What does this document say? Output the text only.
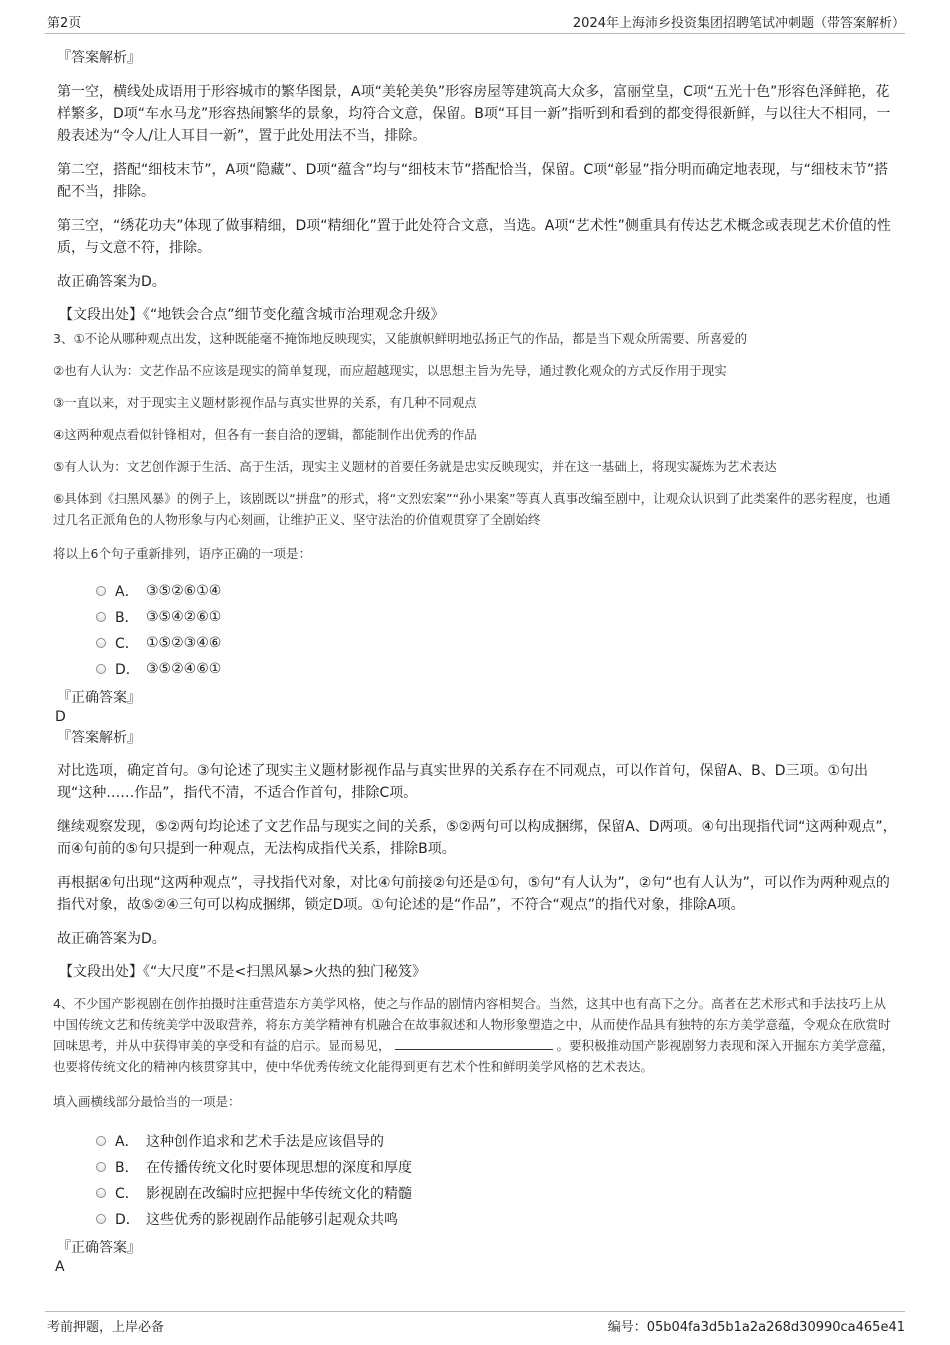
第2页	2024年上海沛乡投资集团招聘笔试冲刺题（带答案解析）
『答案解析』
第一空，横线处成语用于形容城市的繁华图景，A项“美轮美奂”形容房屋等建筑高大众多，富丽堂皇，C项“五光十色”形容色泽鲜艳，花样繁多，D项“车水马龙”形容热闹繁华的景象，均符合文意，保留。B项“耳目一新”指听到和看到的都变得很新鲜，与以往大不相同，一般表述为“令人/让人耳目一新”，置于此处用法不当，排除。
第二空，搭配“细枝末节”，A项“隐藏”、D项“蕴含”均与“细枝末节”搭配恰当，保留。C项“彰显”指分明而确定地表现，与“细枝末节”搭配不当，排除。
第三空，“绣花功夫”体现了做事精细，D项“精细化”置于此处符合文意，当选。A项“艺术性”侧重具有传达艺术概念或表现艺术价值的性质，与文意不符，排除。
故正确答案为D。
【文段出处】《“地铁会合点”细节变化蕴含城市治理观念升级》
3、①不论从哪种观点出发，这种既能毫不掩饰地反映现实，又能旗帜鲜明地弘扬正气的作品，都是当下观众所需要、所喜爱的
②也有人认为：文艺作品不应该是现实的简单复现，而应超越现实，以思想主旨为先导，通过教化观众的方式反作用于现实
③一直以来，对于现实主义题材影视作品与真实世界的关系，有几种不同观点
④这两种观点看似针锋相对，但各有一套自洽的逻辑，都能制作出优秀的作品
⑤有人认为：文艺创作源于生活、高于生活，现实主义题材的首要任务就是忠实反映现实，并在这一基础上，将现实凝炼为艺术表达
⑥具体到《扫黑风暴》的例子上，该剧既以“拼盘”的形式，将“文烈宏案”“孙小果案”等真人真事改编至剧中，让观众认识到了此类案件的恶劣程度，也通过几名正派角色的人物形象与内心刻画，让维护正义、坚守法治的价值观贯穿了全剧始终
将以上6个句子重新排列，语序正确的一项是：
A． ③⑤②⑥①④
B． ③⑤④②⑥①
C． ①⑤②③④⑥
D． ③⑤②④⑥①
『正确答案』
D
『答案解析』
对比选项，确定首句。③句论述了现实主义题材影视作品与真实世界的关系存在不同观点，可以作首句，保留A、B、D三项。①句出现“这种……作品”，指代不清，不适合作首句，排除C项。
继续观察发现，⑤②两句均论述了文艺作品与现实之间的关系，⑤②两句可以构成捆绑，保留A、D两项。④句出现指代词“这两种观点”，而④句前的⑤句只提到一种观点，无法构成指代关系，排除B项。
再根据④句出现“这两种观点”，寻找指代对象，对比④句前接②句还是①句，⑤句“有人认为”，②句“也有人认为”，可以作为两种观点的指代对象，故⑤②④三句可以构成捆绑，锁定D项。①句论述的是“作品”，不符合“观点”的指代对象，排除A项。
故正确答案为D。
【文段出处】《“大尺度”不是<扫黑风暴>火热的独门秘笈》
4、不少国产影视剧在创作拍摄时注重营造东方美学风格，使之与作品的剧情内容相契合。当然，这其中也有高下之分。高者在艺术形式和手法技巧上从中国传统文艺和传统美学中汲取营养，将东方美学精神有机融合在故事叙述和人物形象塑造之中，从而使作品具有独特的东方美学意蕴，令观众在欣赏时回味思考，并从中获得审美的享受和有益的启示。显而易见，	。要积极推动国产影视剧努力表现和深入开掘东方美学意蕴，也要将传统文化的精神内核贯穿其中，使中华优秀传统文化能得到更有艺术个性和鲜明美学风格的艺术表达。
填入画横线部分最恰当的一项是：
A． 这种创作追求和艺术手法是应该倡导的
B． 在传播传统文化时要体现思想的深度和厚度
C． 影视剧在改编时应把握中华传统文化的精髓
D． 这些优秀的影视剧作品能够引起观众共鸣
『正确答案』
A
考前押题，上岸必备	编号：05b04fa3d5b1a2a268d30990ca465e41
